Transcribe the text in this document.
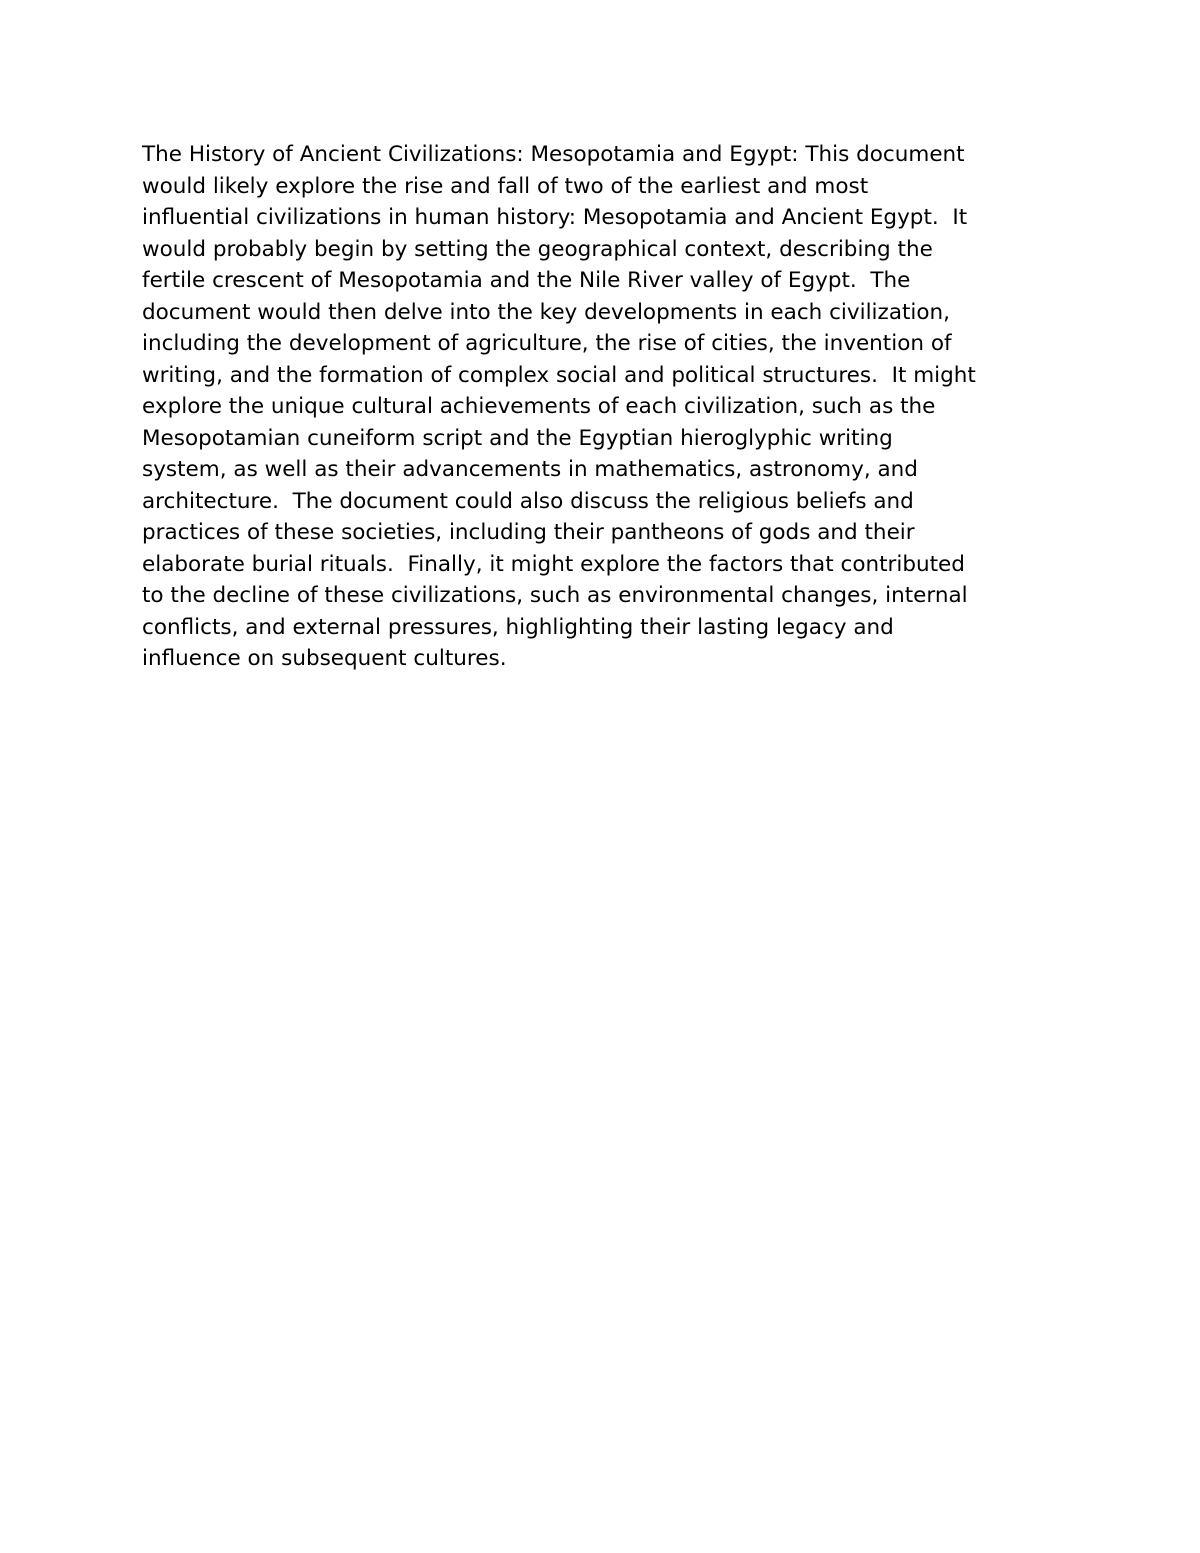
The History of Ancient Civilizations: Mesopotamia and Egypt: This document
would likely explore the rise and fall of two of the earliest and most
influential civilizations in human history: Mesopotamia and Ancient Egypt.  It
would probably begin by setting the geographical context, describing the
fertile crescent of Mesopotamia and the Nile River valley of Egypt.  The
document would then delve into the key developments in each civilization,
including the development of agriculture, the rise of cities, the invention of
writing, and the formation of complex social and political structures.  It might
explore the unique cultural achievements of each civilization, such as the
Mesopotamian cuneiform script and the Egyptian hieroglyphic writing
system, as well as their advancements in mathematics, astronomy, and
architecture.  The document could also discuss the religious beliefs and
practices of these societies, including their pantheons of gods and their
elaborate burial rituals.  Finally, it might explore the factors that contributed
to the decline of these civilizations, such as environmental changes, internal
conflicts, and external pressures, highlighting their lasting legacy and
influence on subsequent cultures.
